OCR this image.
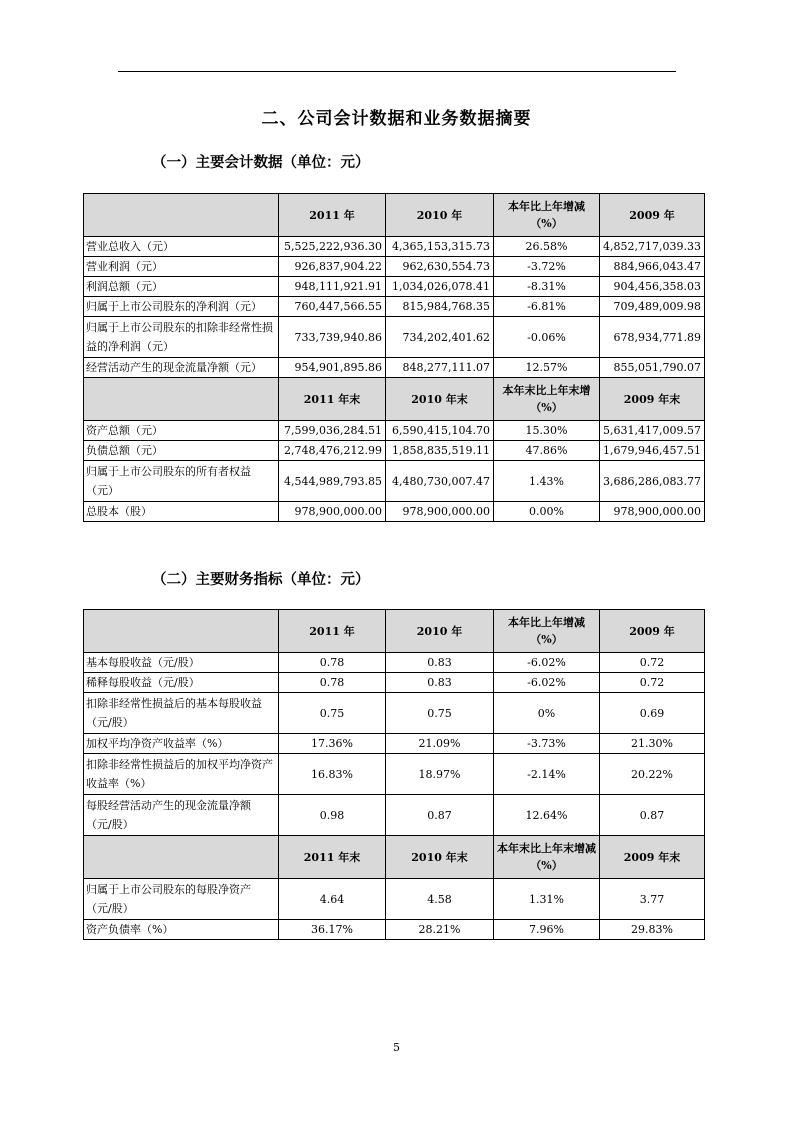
二、公司会计数据和业务数据摘要
（一）主要会计数据（单位：元）
	2011 年	2010 年	本年比上年增减（%）	2009 年
营业总收入（元）	5,525,222,936.30	4,365,153,315.73	26.58%	4,852,717,039.33
营业利润（元）	926,837,904.22	962,630,554.73	-3.72%	884,966,043.47
利润总额（元）	948,111,921.91	1,034,026,078.41	-8.31%	904,456,358.03
归属于上市公司股东的净利润（元）	760,447,566.55	815,984,768.35	-6.81%	709,489,009.98
归属于上市公司股东的扣除非经常性损益的净利润（元）	733,739,940.86	734,202,401.62	-0.06%	678,934,771.89
经营活动产生的现金流量净额（元）	954,901,895.86	848,277,111.07	12.57%	855,051,790.07
	2011 年末	2010 年末	本年末比上年末增（%）	2009 年末
资产总额（元）	7,599,036,284.51	6,590,415,104.70	15.30%	5,631,417,009.57
负债总额（元）	2,748,476,212.99	1,858,835,519.11	47.86%	1,679,946,457.51
归属于上市公司股东的所有者权益（元）	4,544,989,793.85	4,480,730,007.47	1.43%	3,686,286,083.77
总股本（股）	978,900,000.00	978,900,000.00	0.00%	978,900,000.00
（二）主要财务指标（单位：元）
	2011 年	2010 年	本年比上年增减（%）	2009 年
基本每股收益（元/股）	0.78	0.83	-6.02%	0.72
稀释每股收益（元/股）	0.78	0.83	-6.02%	0.72
扣除非经常性损益后的基本每股收益（元/股）	0.75	0.75	0%	0.69
加权平均净资产收益率（%）	17.36%	21.09%	-3.73%	21.30%
扣除非经常性损益后的加权平均净资产收益率（%）	16.83%	18.97%	-2.14%	20.22%
每股经营活动产生的现金流量净额（元/股）	0.98	0.87	12.64%	0.87
	2011 年末	2010 年末	本年末比上年末增减（%）	2009 年末
归属于上市公司股东的每股净资产（元/股）	4.64	4.58	1.31%	3.77
资产负债率（%）	36.17%	28.21%	7.96%	29.83%
5
